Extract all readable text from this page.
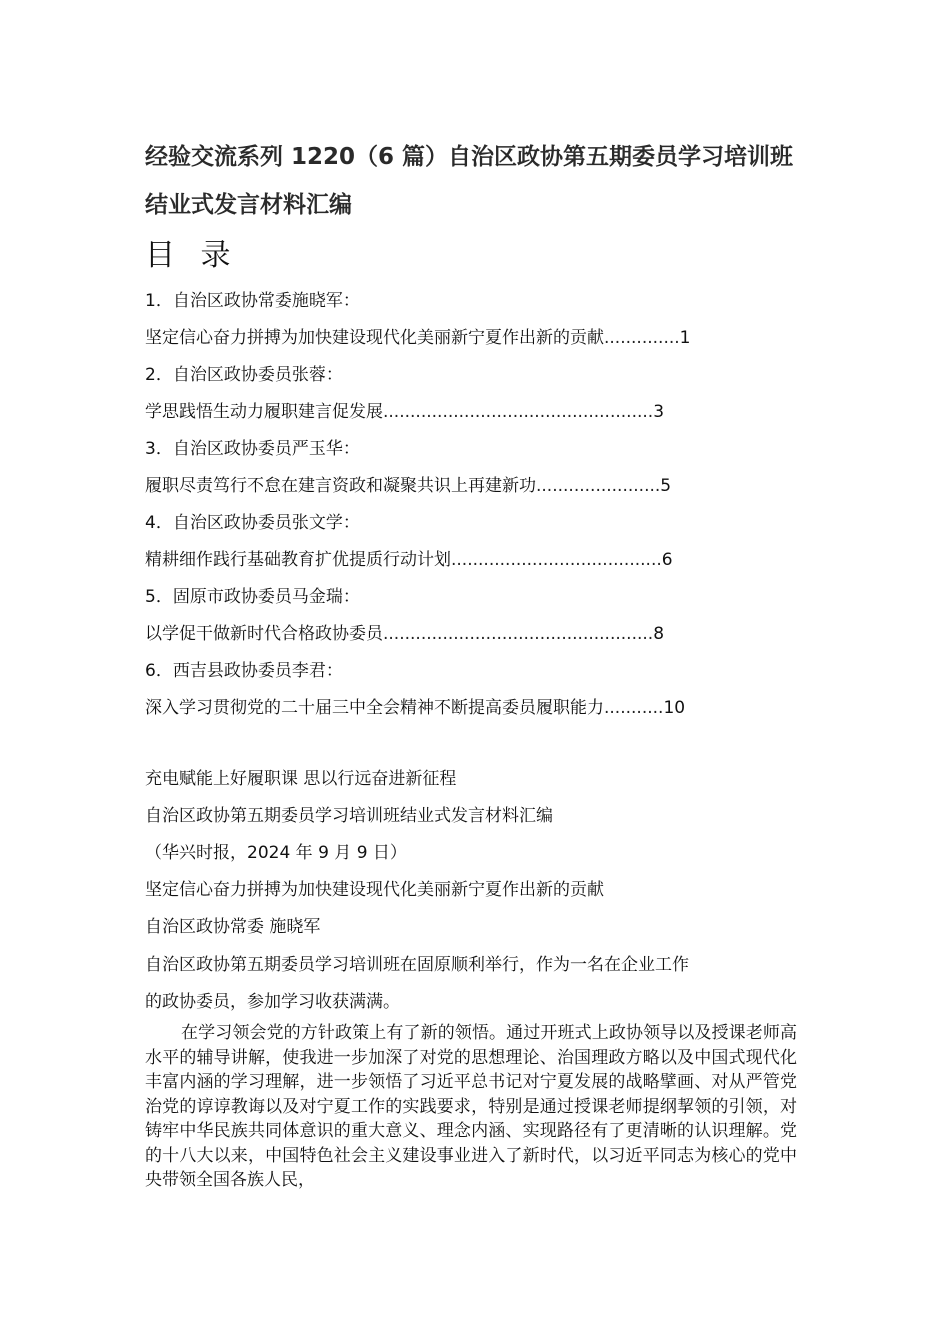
经验交流系列 1220（6 篇）自治区政协第五期委员学习培训班
结业式发言材料汇编
目 录
1．自治区政协常委施晓军：
坚定信心奋力拼搏为加快建设现代化美丽新宁夏作出新的贡献 .............. 1
2．自治区政协委员张蓉：
学思践悟生动力履职建言促发展 .................................................. 3
3．自治区政协委员严玉华：
履职尽责笃行不怠在建言资政和凝聚共识上再建新功 ....................... 5
4．自治区政协委员张文学：
精耕细作践行基础教育扩优提质行动计划 ....................................... 6
5．固原市政协委员马金瑞：
以学促干做新时代合格政协委员 .................................................. 8
6．西吉县政协委员李君：
深入学习贯彻党的二十届三中全会精神不断提高委员履职能力 ........... 10
充电赋能上好履职课 思以行远奋进新征程
自治区政协第五期委员学习培训班结业式发言材料汇编
（华兴时报，2024 年 9 月 9 日）
坚定信心奋力拼搏为加快建设现代化美丽新宁夏作出新的贡献
自治区政协常委 施晓军
自治区政协第五期委员学习培训班在固原顺利举行，作为一名在企业工作
的政协委员，参加学习收获满满。
在学习领会党的方针政策上有了新的领悟。通过开班式上政协领导以及授课老师高水平的辅导讲解，使我进一步加深了对党的思想理论、治国理政方略以及中国式现代化丰富内涵的学习理解，进一步领悟了习近平总书记对宁夏发展的战略擘画、对从严管党治党的谆谆教诲以及对宁夏工作的实践要求，特别是通过授课老师提纲挈领的引领，对铸牢中华民族共同体意识的重大意义、理念内涵、实现路径有了更清晰的认识理解。党的十八大以来，中国特色社会主义建设事业进入了新时代，以习近平同志为核心的党中央带领全国各族人民，
